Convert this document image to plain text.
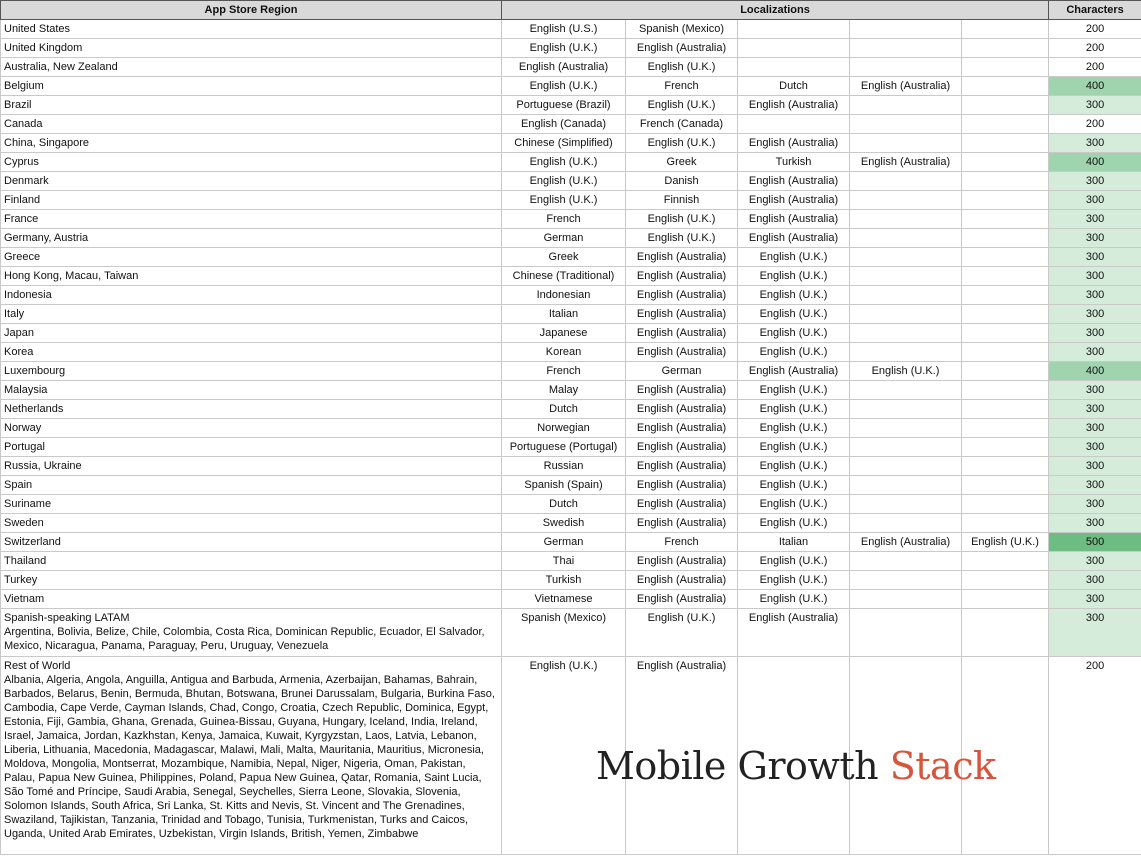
App Store Region	Localizations					Characters
United States	English (U.S.)	Spanish (Mexico)				200
United Kingdom	English (U.K.)	English (Australia)				200
Australia, New Zealand	English (Australia)	English (U.K.)				200
Belgium	English (U.K.)	French	Dutch	English (Australia)		400
Brazil	Portuguese (Brazil)	English (U.K.)	English (Australia)			300
Canada	English (Canada)	French (Canada)				200
China, Singapore	Chinese (Simplified)	English (U.K.)	English (Australia)			300
Cyprus	English (U.K.)	Greek	Turkish	English (Australia)		400
Denmark	English (U.K.)	Danish	English (Australia)			300
Finland	English (U.K.)	Finnish	English (Australia)			300
France	French	English (U.K.)	English (Australia)			300
Germany, Austria	German	English (U.K.)	English (Australia)			300
Greece	Greek	English (Australia)	English (U.K.)			300
Hong Kong, Macau, Taiwan	Chinese (Traditional)	English (Australia)	English (U.K.)			300
Indonesia	Indonesian	English (Australia)	English (U.K.)			300
Italy	Italian	English (Australia)	English (U.K.)			300
Japan	Japanese	English (Australia)	English (U.K.)			300
Korea	Korean	English (Australia)	English (U.K.)			300
Luxembourg	French	German	English (Australia)	English (U.K.)		400
Malaysia	Malay	English (Australia)	English (U.K.)			300
Netherlands	Dutch	English (Australia)	English (U.K.)			300
Norway	Norwegian	English (Australia)	English (U.K.)			300
Portugal	Portuguese (Portugal)	English (Australia)	English (U.K.)			300
Russia, Ukraine	Russian	English (Australia)	English (U.K.)			300
Spain	Spanish (Spain)	English (Australia)	English (U.K.)			300
Suriname	Dutch	English (Australia)	English (U.K.)			300
Sweden	Swedish	English (Australia)	English (U.K.)			300
Switzerland	German	French	Italian	English (Australia)	English (U.K.)	500
Thailand	Thai	English (Australia)	English (U.K.)			300
Turkey	Turkish	English (Australia)	English (U.K.)			300
Vietnam	Vietnamese	English (Australia)	English (U.K.)			300
Spanish-speaking LATAM
Argentina, Bolivia, Belize, Chile, Colombia, Costa Rica, Dominican Republic, Ecuador, El Salvador, Mexico, Nicaragua, Panama, Paraguay, Peru, Uruguay, Venezuela	Spanish (Mexico)	English (U.K.)	English (Australia)			300
Rest of World
Albania, Algeria, Angola, Anguilla, Antigua and Barbuda, Armenia, Azerbaijan, Bahamas, Bahrain, Barbados, Belarus, Benin, Bermuda, Bhutan, Botswana, Brunei Darussalam, Bulgaria, Burkina Faso, Cambodia, Cape Verde, Cayman Islands, Chad, Congo, Croatia, Czech Republic, Dominica, Egypt, Estonia, Fiji, Gambia, Ghana, Grenada, Guinea-Bissau, Guyana, Hungary, Iceland, India, Ireland, Israel, Jamaica, Jordan, Kazkhstan, Kenya, Jamaica, Kuwait, Kyrgyzstan, Laos, Latvia, Lebanon, Liberia, Lithuania, Macedonia, Madagascar, Malawi, Mali, Malta, Mauritania, Mauritius, Micronesia, Moldova, Mongolia, Montserrat, Mozambique, Namibia, Nepal, Niger, Nigeria, Oman, Pakistan, Palau, Papua New Guinea, Philippines, Poland, Papua New Guinea, Qatar, Romania, Saint Lucia, São Tomé and Príncipe, Saudi Arabia, Senegal, Seychelles, Sierra Leone, Slovakia, Slovenia, Solomon Islands, South Africa, Sri Lanka, St. Kitts and Nevis, St. Vincent and The Grenadines, Swaziland, Tajikistan, Tanzania, Trinidad and Tobago, Tunisia, Turkmenistan, Turks and Caicos, Uganda, United Arab Emirates, Uzbekistan, Virgin Islands, British, Yemen, Zimbabwe	English (U.K.)	English (Australia)				200
Mobile Growth Stack
